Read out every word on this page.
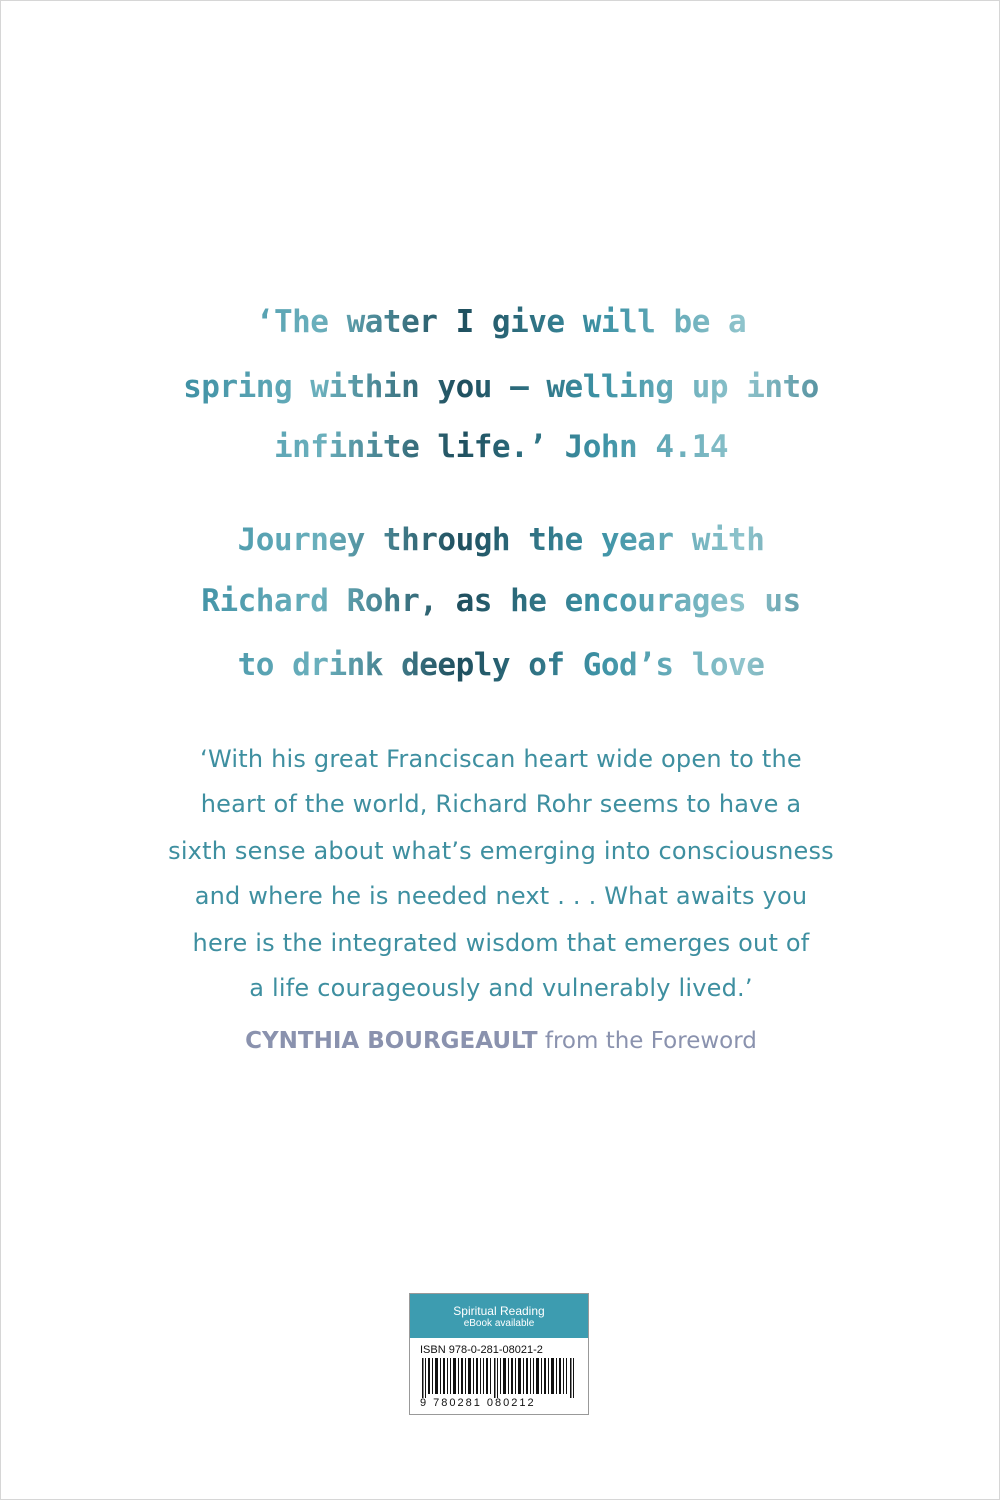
‘The water I give will be a
spring within you – welling up into
infinite life.’ John 4.14
Journey through the year with
Richard Rohr, as he encourages us
to drink deeply of God’s love
‘With his great Franciscan heart wide open to the
heart of the world, Richard Rohr seems to have a
sixth sense about what’s emerging into consciousness
and where he is needed next . . . What awaits you
here is the integrated wisdom that emerges out of
a life courageously and vulnerably lived.’
CYNTHIA BOURGEAULT from the Foreword
Spiritual Reading
eBook available
ISBN 978-0-281-08021-2
9 780281 080212
